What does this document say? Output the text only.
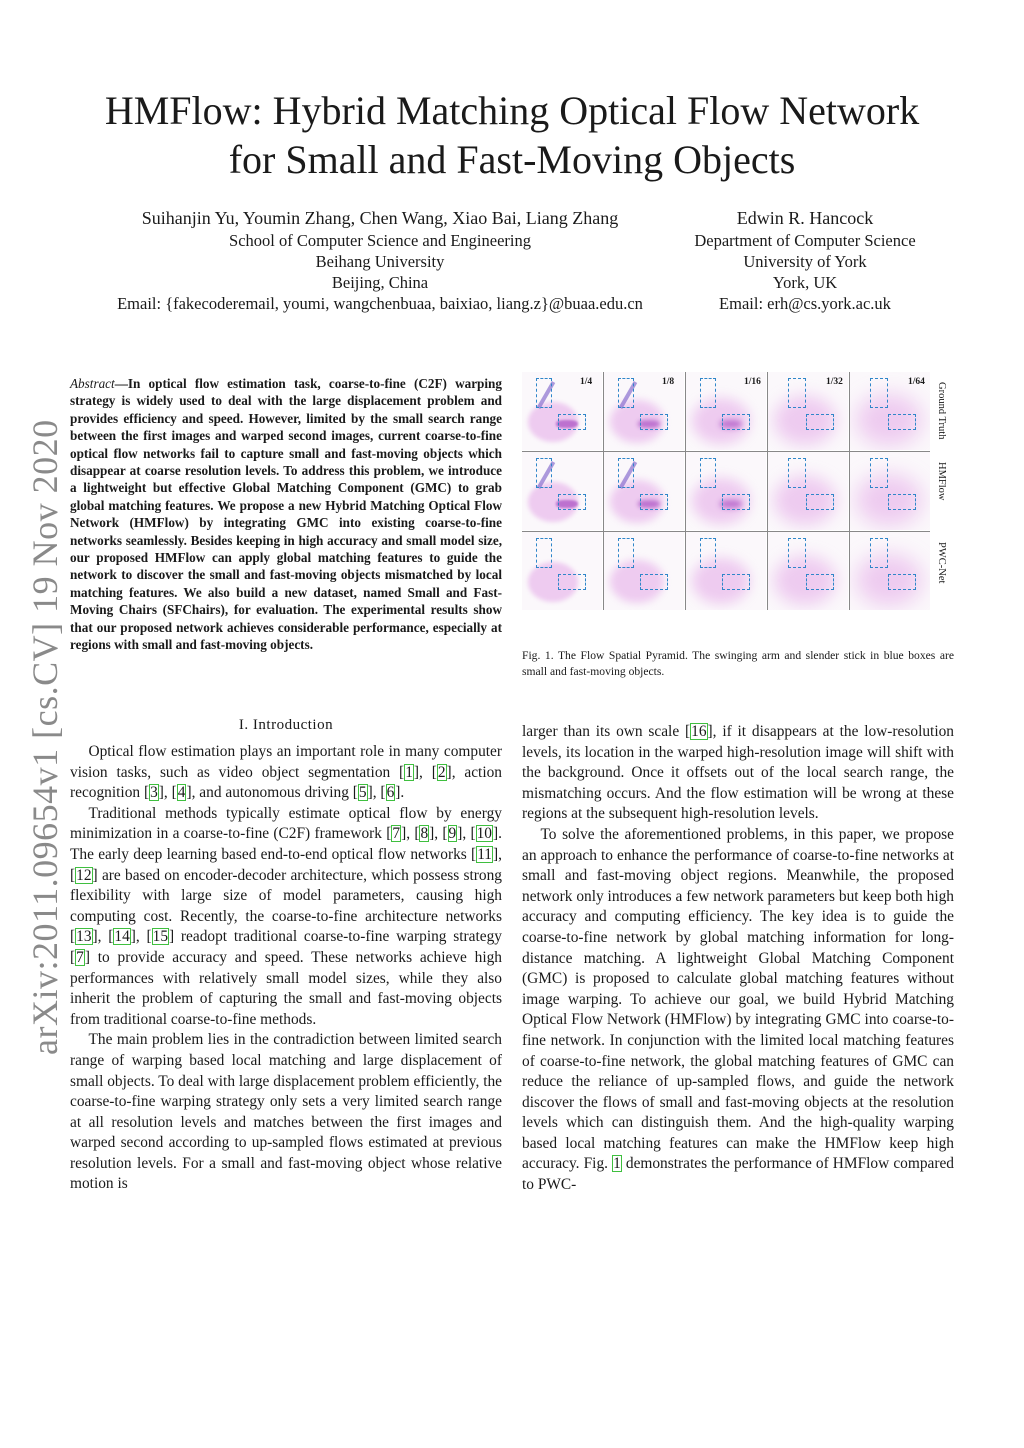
HMFlow: Hybrid Matching Optical Flow Network
for Small and Fast-Moving Objects
Suihanjin Yu, Youmin Zhang, Chen Wang, Xiao Bai, Liang Zhang
School of Computer Science and Engineering
Beihang University
Beijing, China
Email: {fakecoderemail, youmi, wangchenbuaa, baixiao, liang.z}@buaa.edu.cn
Edwin R. Hancock
Department of Computer Science
University of York
York, UK
Email: erh@cs.york.ac.uk
arXiv:2011.09654v1 [cs.CV] 19 Nov 2020
Abstract—In optical flow estimation task, coarse-to-fine (C2F) warping strategy is widely used to deal with the large displacement problem and provides efficiency and speed. However, limited by the small search range between the first images and warped second images, current coarse-to-fine optical flow networks fail to capture small and fast-moving objects which disappear at coarse resolution levels. To address this problem, we introduce a lightweight but effective Global Matching Component (GMC) to grab global matching features. We propose a new Hybrid Matching Optical Flow Network (HMFlow) by integrating GMC into existing coarse-to-fine networks seamlessly. Besides keeping in high accuracy and small model size, our proposed HMFlow can apply global matching features to guide the network to discover the small and fast-moving objects mismatched by local matching features. We also build a new dataset, named Small and Fast-Moving Chairs (SFChairs), for evaluation. The experimental results show that our proposed network achieves considerable performance, especially at regions with small and fast-moving objects.
1/4	1/8	1/16	1/32	1/64 Ground Truth
HMFlow
PWC-Net
Fig. 1. The Flow Spatial Pyramid. The swinging arm and slender stick in blue boxes are small and fast-moving objects.
I. Introduction

Optical flow estimation plays an important role in many computer vision tasks, such as video object segmentation [1], [2], action recognition [3], [4], and autonomous driving [5], [6].

Traditional methods typically estimate optical flow by energy minimization in a coarse-to-fine (C2F) framework [7], [8], [9], [10]. The early deep learning based end-to-end optical flow networks [11], [12] are based on encoder-decoder architecture, which possess strong flexibility with large size of model parameters, causing high computing cost. Recently, the coarse-to-fine architecture networks [13], [14], [15] readopt traditional coarse-to-fine warping strategy [7] to provide accuracy and speed. These networks achieve high performances with relatively small model sizes, while they also inherit the problem of capturing the small and fast-moving objects from traditional coarse-to-fine methods.

The main problem lies in the contradiction between limited search range of warping based local matching and large displacement of small objects. To deal with large displacement problem efficiently, the coarse-to-fine warping strategy only sets a very limited search range at all resolution levels and matches between the first images and warped second according to up-sampled flows estimated at previous resolution levels. For a small and fast-moving object whose relative motion is

larger than its own scale [16], if it disappears at the low-resolution levels, its location in the warped high-resolution image will shift with the background. Once it offsets out of the local search range, the mismatching occurs. And the flow estimation will be wrong at these regions at the subsequent high-resolution levels.

To solve the aforementioned problems, in this paper, we propose an approach to enhance the performance of coarse-to-fine networks at small and fast-moving object regions. Meanwhile, the proposed network only introduces a few network parameters but keep both high accuracy and computing efficiency. The key idea is to guide the coarse-to-fine network by global matching information for long-distance matching. A lightweight Global Matching Component (GMC) is proposed to calculate global matching features without image warping. To achieve our goal, we build Hybrid Matching Optical Flow Network (HMFlow) by integrating GMC into coarse-to-fine network. In conjunction with the limited local matching features of coarse-to-fine network, the global matching features of GMC can reduce the reliance of up-sampled flows, and guide the network discover the flows of small and fast-moving objects at the resolution levels which can distinguish them. And the high-quality warping based local matching features can make the HMFlow keep high accuracy. Fig. 1 demonstrates the performance of HMFlow compared to PWC-
